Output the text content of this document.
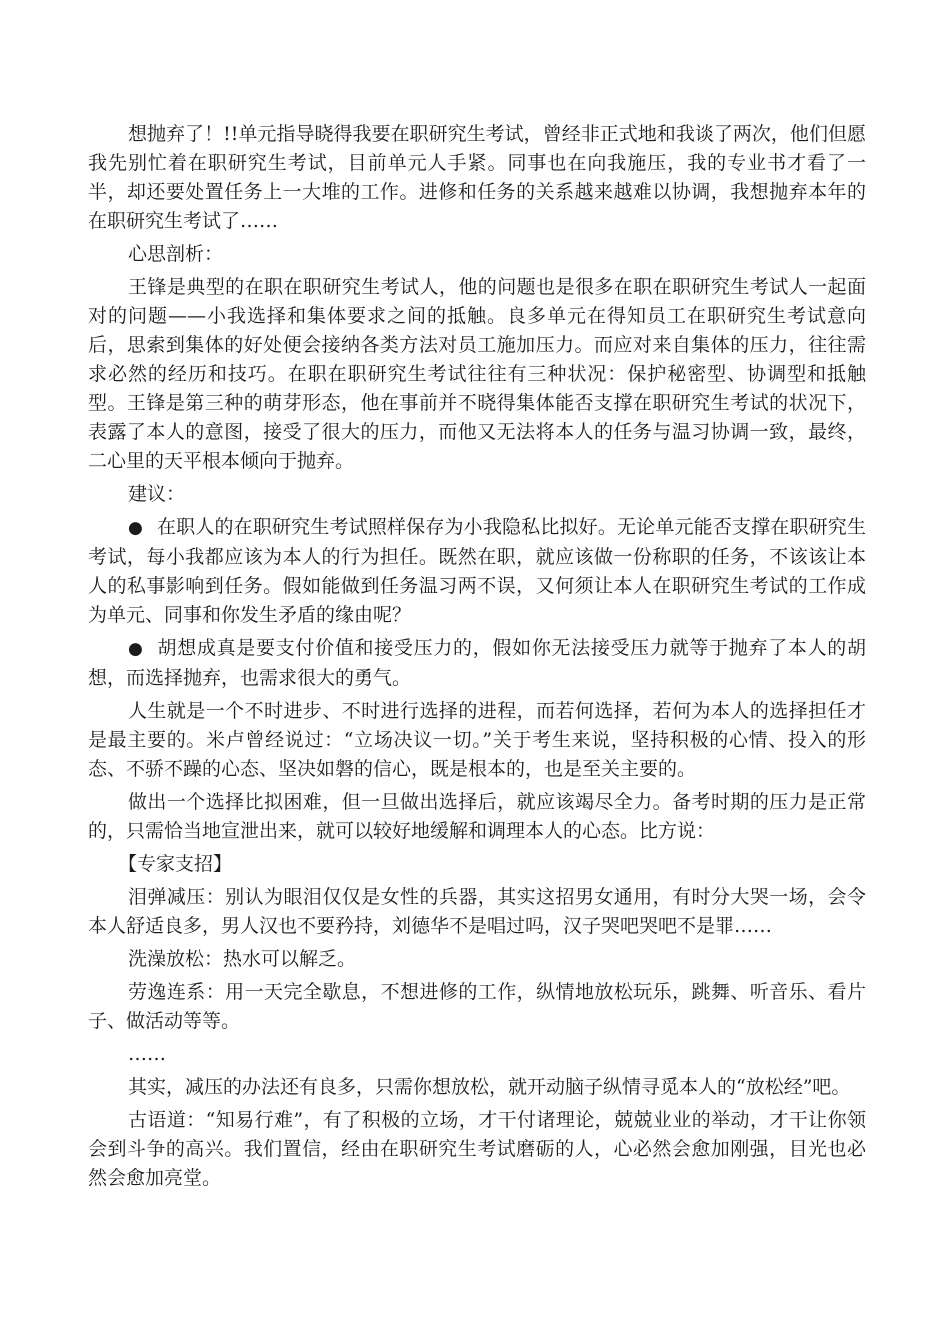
想抛弃了！!!单元指导晓得我要在职研究生考试，曾经非正式地和我谈了两次，他们但愿我先别忙着在职研究生考试，目前单元人手紧。同事也在向我施压，我的专业书才看了一半，却还要处置任务上一大堆的工作。进修和任务的关系越来越难以协调，我想抛弃本年的在职研究生考试了……

心思剖析：

王锋是典型的在职在职研究生考试人，他的问题也是很多在职在职研究生考试人一起面对的问题——小我选择和集体要求之间的抵触。良多单元在得知员工在职研究生考试意向后，思索到集体的好处便会接纳各类方法对员工施加压力。而应对来自集体的压力，往往需求必然的经历和技巧。在职在职研究生考试往往有三种状况：保护秘密型、协调型和抵触型。王锋是第三种的萌芽形态，他在事前并不晓得集体能否支撑在职研究生考试的状况下，表露了本人的意图，接受了很大的压力，而他又无法将本人的任务与温习协调一致，最终，二心里的天平根本倾向于抛弃。

建议：

● 在职人的在职研究生考试照样保存为小我隐私比拟好。无论单元能否支撑在职研究生考试，每小我都应该为本人的行为担任。既然在职，就应该做一份称职的任务，不该该让本人的私事影响到任务。假如能做到任务温习两不误，又何须让本人在职研究生考试的工作成为单元、同事和你发生矛盾的缘由呢？

● 胡想成真是要支付价值和接受压力的，假如你无法接受压力就等于抛弃了本人的胡想，而选择抛弃，也需求很大的勇气。

人生就是一个不时进步、不时进行选择的进程，而若何选择，若何为本人的选择担任才是最主要的。米卢曾经说过：“立场决议一切。”关于考生来说，坚持积极的心情、投入的形态、不骄不躁的心态、坚决如磐的信心，既是根本的，也是至关主要的。

做出一个选择比拟困难，但一旦做出选择后，就应该竭尽全力。备考时期的压力是正常的，只需恰当地宣泄出来，就可以较好地缓解和调理本人的心态。比方说：

【专家支招】

泪弹减压：别认为眼泪仅仅是女性的兵器，其实这招男女通用，有时分大哭一场，会令本人舒适良多，男人汉也不要矜持，刘德华不是唱过吗，汉子哭吧哭吧不是罪……

洗澡放松：热水可以解乏。

劳逸连系：用一天完全歇息，不想进修的工作，纵情地放松玩乐，跳舞、听音乐、看片子、做活动等等。

……

其实，减压的办法还有良多，只需你想放松，就开动脑子纵情寻觅本人的“放松经”吧。

古语道：“知易行难”，有了积极的立场，才干付诸理论，兢兢业业的举动，才干让你领会到斗争的高兴。我们置信，经由在职研究生考试磨砺的人，心必然会愈加刚强，目光也必然会愈加亮堂。
